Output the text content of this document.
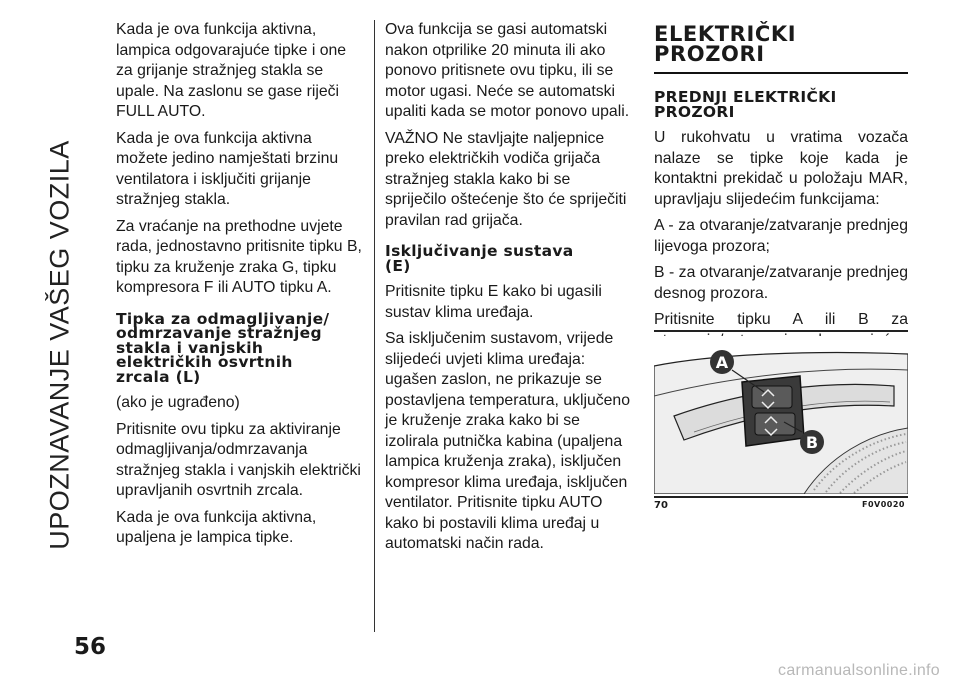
UPOZNAVANJE VAŠEG VOZILA
56

Kada je ova funkcija aktivna, lampica odgovarajuće tipke i one za grijanje stražnjeg stakla se upale. Na zaslonu se gase riječi FULL AUTO.

Kada je ova funkcija aktivna možete jedino namještati brzinu ventilatora i isključiti grijanje stražnjeg stakla.

Za vraćanje na prethodne uvjete rada, jednostavno pritisnite tipku B, tipku za kruženje zraka G, tipku kompresora F ili AUTO tipku A.

Tipka za odmagljivanje/
odmrzavanje stražnjeg
stakla i vanjskih
električkih osvrtnih
zrcala (L)

(ako je ugrađeno)

Pritisnite ovu tipku za aktiviranje odmagljivanja/odmrzavanja stražnjeg stakla i vanjskih električki upravljanih osvrtnih zrcala.

Kada je ova funkcija aktivna, upaljena je lampica tipke.

Ova funkcija se gasi automatski nakon otprilike 20 minuta ili ako ponovo pritisnete ovu tipku, ili se motor ugasi. Neće se automatski upaliti kada se motor ponovo upali.

VAŽNO Ne stavljajte naljepnice preko električkih vodiča grijača stražnjeg stakla kako bi se spriječilo oštećenje što će spriječiti pravilan rad grijača.

Isključivanje sustava
(E)

Pritisnite tipku E kako bi ugasili sustav klima uređaja.

Sa isključenim sustavom, vrijede slijedeći uvjeti klima uređaja: ugašen zaslon, ne prikazuje se postavljena temperatura, uključeno je kruženje zraka kako bi se izolirala putnička kabina (upaljena lampica kruženja zraka), isključen kompresor klima uređaja, isključen ventilator. Pritisnite tipku AUTO kako bi postavili klima uređaj u automatski način rada.

ELEKTRIČKI
PROZORI
PREDNJI ELEKTRIČKI
PROZORI

U rukohvatu u vratima vozača nalaze se tipke koje kada je kontaktni prekidač u položaju MAR, upravljaju slijedećim funkcijama:

A - za otvaranje/zatvaranje prednjeg lijevoga prozora;

B - za otvaranje/zatvaranje prednjeg desnog prozora.

Pritisnite tipku A ili B za

A
B
70	F0V0020
carmanualsonline.info
